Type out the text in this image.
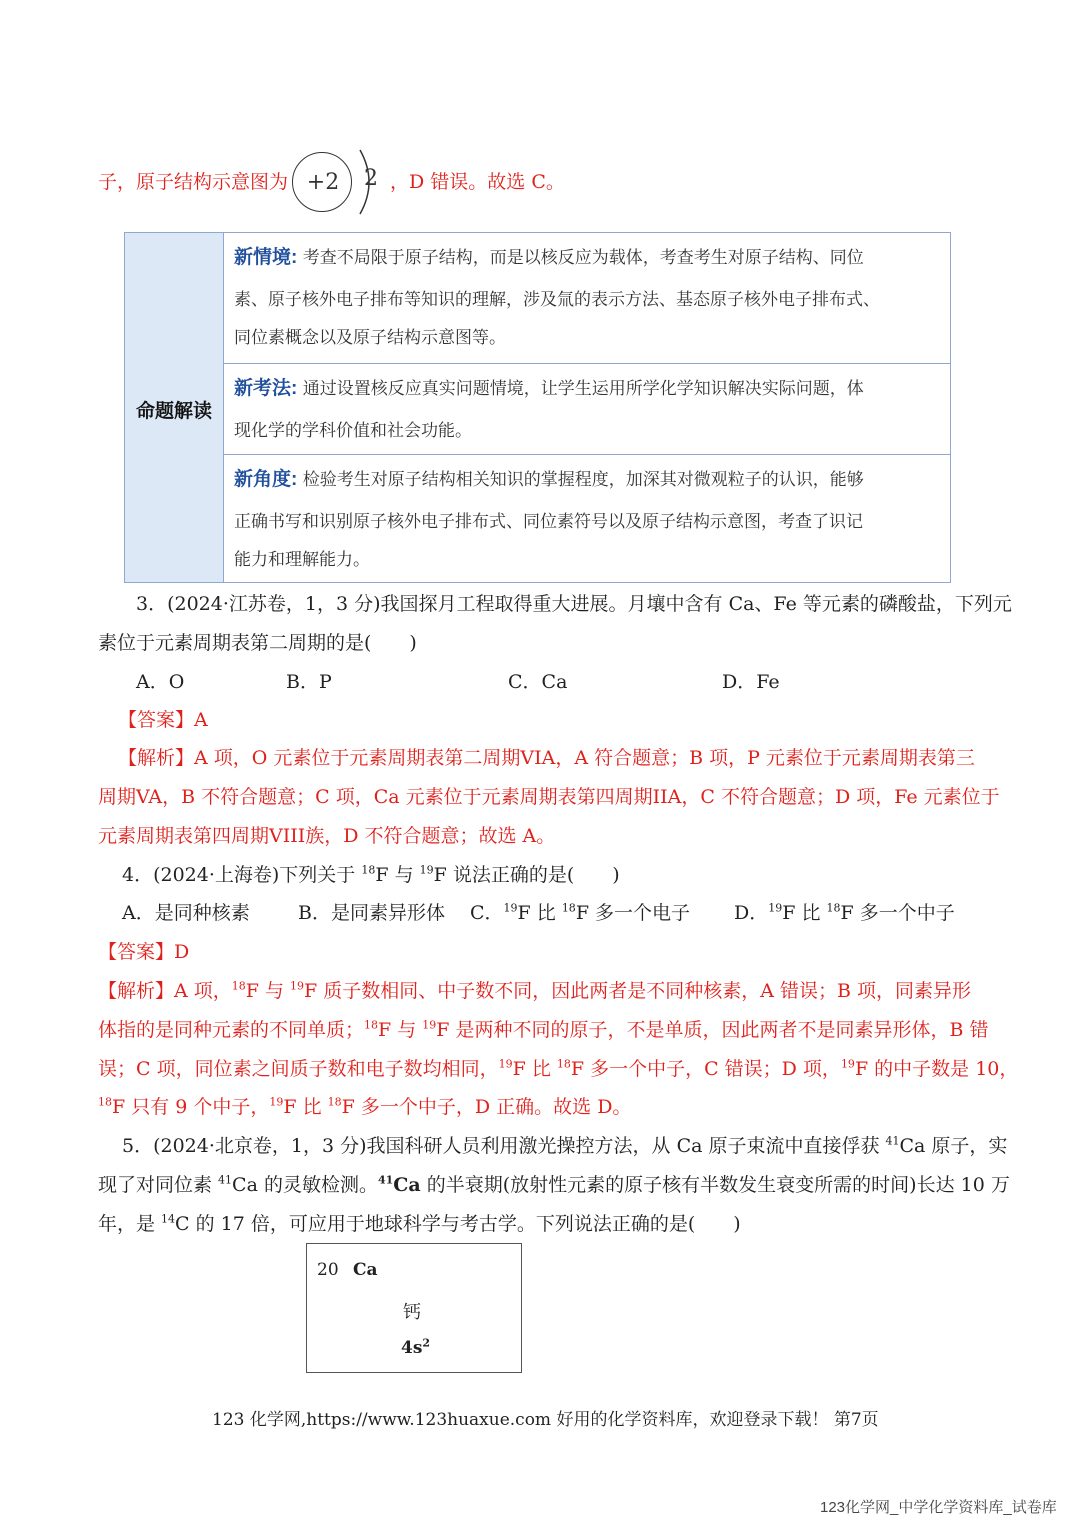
子，原子结构示意图为 +2	2 ，D 错误。故选 C。
命题解读
新情境: 考查不局限于原子结构，而是以核反应为载体，考查考生对原子结构、同位
素、原子核外电子排布等知识的理解，涉及氚的表示方法、基态原子核外电子排布式、
同位素概念以及原子结构示意图等。
新考法: 通过设置核反应真实问题情境，让学生运用所学化学知识解决实际问题，体
现化学的学科价值和社会功能。
新角度: 检验考生对原子结构相关知识的掌握程度，加深其对微观粒子的认识，能够
正确书写和识别原子核外电子排布式、同位素符号以及原子结构示意图，考查了识记
能力和理解能力。
3．(2024·江苏卷，1，3 分)我国探月工程取得重大进展。月壤中含有 Ca、Fe 等元素的磷酸盐，下列元
素位于元素周期表第二周期的是(　　)
A．O	B．P	C．Ca	D．Fe
【答案】A
【解析】A 项，O 元素位于元素周期表第二周期VIA，A 符合题意；B 项，P 元素位于元素周期表第三
周期VA，B 不符合题意；C 项，Ca 元素位于元素周期表第四周期IIA，C 不符合题意；D 项，Fe 元素位于
元素周期表第四周期VIII族，D 不符合题意；故选 A。
4．(2024·上海卷)下列关于 $^{18}$F 与 $^{19}$F 说法正确的是(　　)
A．是同种核素	B．是同素异形体 C．$^{19}$F 比 $^{18}$F 多一个电子 D．$^{19}$F 比 $^{18}$F 多一个中子
【答案】D
【解析】A 项，$^{18}$F 与 $^{19}$F 质子数相同、中子数不同，因此两者是不同种核素，A 错误；B 项，同素异形
体指的是同种元素的不同单质；$^{18}$F 与 $^{19}$F 是两种不同的原子，不是单质，因此两者不是同素异形体，B 错
误；C 项，同位素之间质子数和电子数均相同，$^{19}$F 比 $^{18}$F 多一个中子，C 错误；D 项，$^{19}$F 的中子数是 10，
$^{18}$F 只有 9 个中子，$^{19}$F 比 $^{18}$F 多一个中子，D 正确。故选 D。
5．(2024·北京卷，1，3 分)我国科研人员利用激光操控方法，从 Ca 原子束流中直接俘获 $^{41}$Ca 原子，实
现了对同位素 $^{41}$Ca 的灵敏检测。$^{41}$Ca 的半衰期(放射性元素的原子核有半数发生衰变所需的时间)长达 10 万
年，是 $^{14}$C 的 17 倍，可应用于地球科学与考古学。下列说法正确的是(　　)
20 Ca
钙
$4s^2$
123 化学网,https://www.123huaxue.com 好用的化学资料库，欢迎登录下载！ 第7页
123化学网_中学化学资料库_试卷库
